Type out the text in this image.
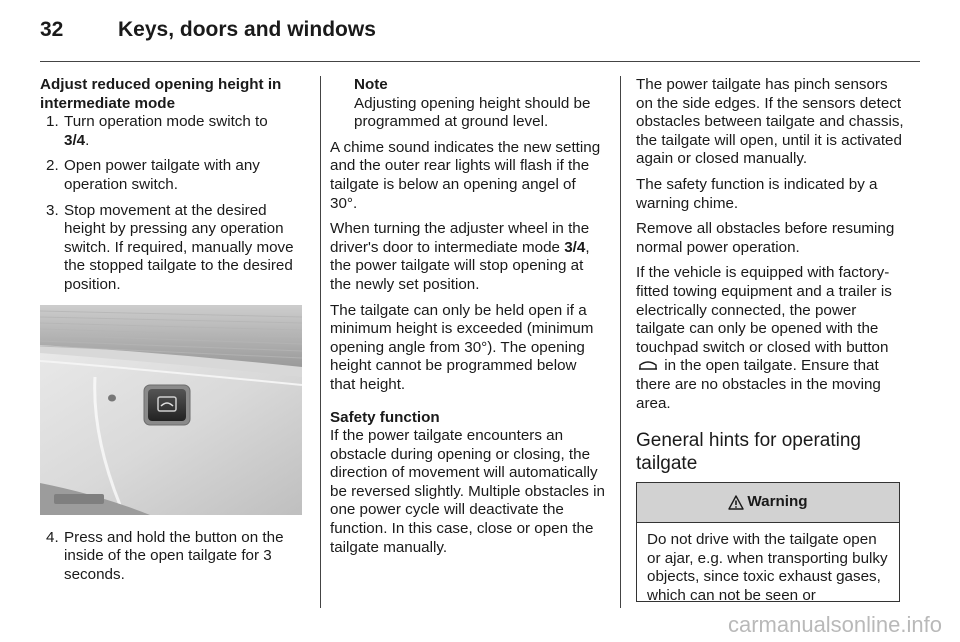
32	Keys, doors and windows
Adjust reduced opening height in
intermediate mode
1. Turn operation mode switch to
3/4.
2. Open power tailgate with any operation switch.
3. Stop movement at the desired height by pressing any operation switch. If required, manually move the stopped tailgate to the desired position.
4. Press and hold the button on the inside of the open tailgate for 3 seconds.
Note
Adjusting opening height should be programmed at ground level.

A chime sound indicates the new setting and the outer rear lights will flash if the tailgate is below an opening angel of 30°.

When turning the adjuster wheel in the driver's door to intermediate mode 3/4, the power tailgate will stop opening at the newly set position.

The tailgate can only be held open if a minimum height is exceeded (minimum opening angle from 30°). The opening height cannot be programmed below that height.

Safety function

If the power tailgate encounters an obstacle during opening or closing, the direction of movement will automatically be reversed slightly. Multiple obstacles in one power cycle will deactivate the function. In this case, close or open the tailgate manually.

The power tailgate has pinch sensors on the side edges. If the sensors detect obstacles between tailgate and chassis, the tailgate will open, until it is activated again or closed manually.

The safety function is indicated by a warning chime.

Remove all obstacles before resuming normal power operation.

If the vehicle is equipped with factory-fitted towing equipment and a trailer is electrically connected, the power tailgate can only be opened with the touchpad switch or closed with button  in the open tailgate. Ensure that there are no obstacles in the moving area.

General hints for operating tailgate
Warning
Do not drive with the tailgate open or ajar, e.g. when transporting bulky objects, since toxic exhaust gases, which can not be seen or
carmanualsonline.info
